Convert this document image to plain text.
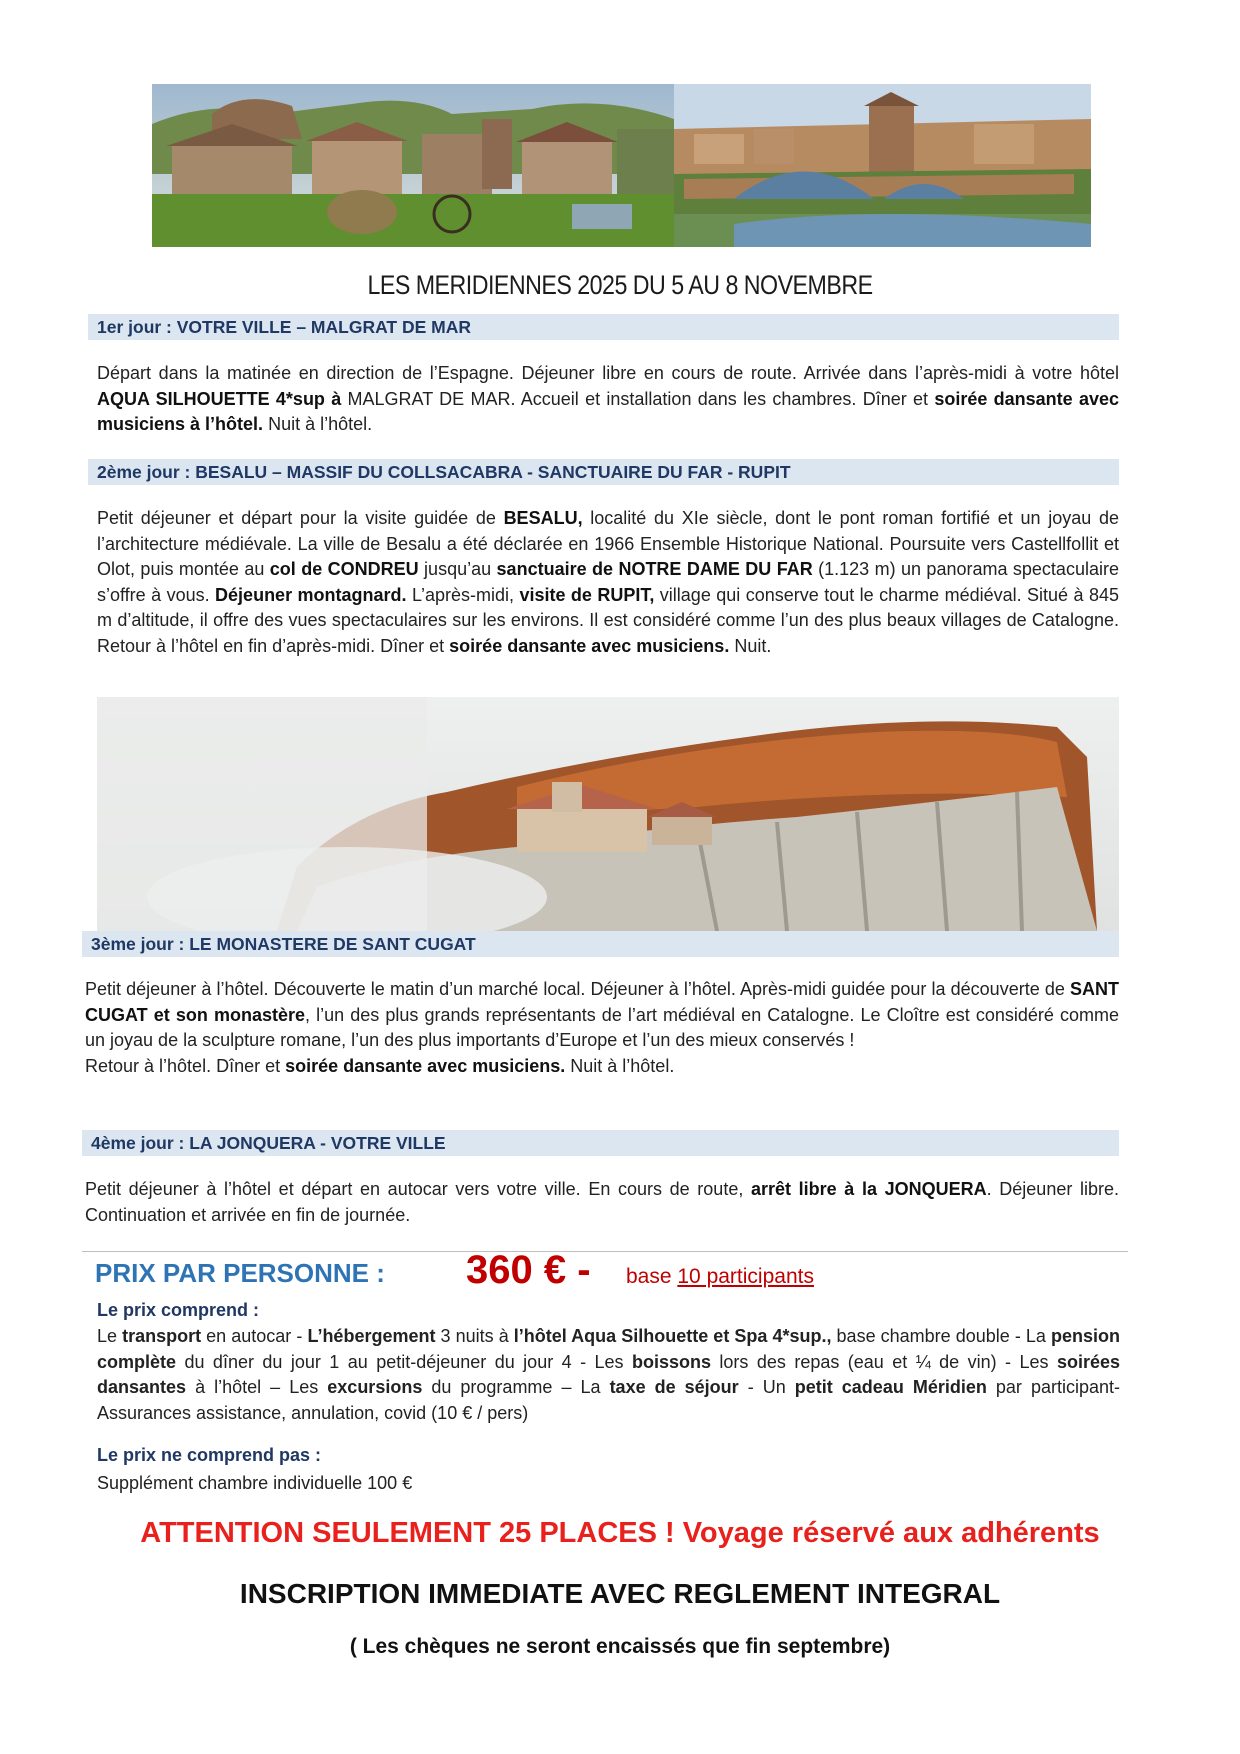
LES MERIDIENNES 2025 DU 5 AU 8 NOVEMBRE
1er jour : VOTRE VILLE – MALGRAT DE MAR
Départ dans la matinée en direction de l’Espagne. Déjeuner libre en cours de route. Arrivée dans l’après-midi à votre hôtel AQUA SILHOUETTE 4*sup à MALGRAT DE MAR. Accueil et installation dans les chambres. Dîner et soirée dansante avec musiciens à l’hôtel. Nuit à l’hôtel.
2ème jour : BESALU – MASSIF DU COLLSACABRA - SANCTUAIRE DU FAR - RUPIT
Petit déjeuner et départ pour la visite guidée de BESALU, localité du XIe siècle, dont le pont roman fortifié et un joyau de l’architecture médiévale. La ville de Besalu a été déclarée en 1966 Ensemble Historique National. Poursuite vers Castellfollit et Olot, puis montée au col de CONDREU jusqu’au sanctuaire de NOTRE DAME DU FAR (1.123 m) un panorama spectaculaire s’offre à vous. Déjeuner montagnard. L’après-midi, visite de RUPIT, village qui conserve tout le charme médiéval. Situé à 845 m d’altitude, il offre des vues spectaculaires sur les environs. Il est considéré comme l’un des plus beaux villages de Catalogne. Retour à l’hôtel en fin d’après-midi. Dîner et soirée dansante avec musiciens. Nuit.
3ème jour : LE MONASTERE DE SANT CUGAT
Petit déjeuner à l’hôtel. Découverte le matin d’un marché local. Déjeuner à l’hôtel. Après-midi guidée pour la découverte de SANT CUGAT et son monastère, l’un des plus grands représentants de l’art médiéval en Catalogne. Le Cloître est considéré comme un joyau de la sculpture romane, l’un des plus importants d’Europe et l’un des mieux conservés !
Retour à l’hôtel. Dîner et soirée dansante avec musiciens. Nuit à l’hôtel.
4ème jour : LA JONQUERA - VOTRE VILLE
Petit déjeuner à l’hôtel et départ en autocar vers votre ville. En cours de route, arrêt libre à la JONQUERA. Déjeuner libre. Continuation et arrivée en fin de journée.
PRIX PAR PERSONNE : 360 € - base 10 participants
Le prix comprend :
Le transport en autocar - L’hébergement 3 nuits à l’hôtel Aqua Silhouette et Spa 4*sup., base chambre double - La pension complète du dîner du jour 1 au petit-déjeuner du jour 4 - Les boissons lors des repas (eau et ¼ de vin) - Les soirées dansantes à l’hôtel – Les excursions du programme – La taxe de séjour - Un petit cadeau Méridien par participant- Assurances assistance, annulation, covid (10 € / pers)
Le prix ne comprend pas :
Supplément chambre individuelle 100 €
ATTENTION SEULEMENT 25 PLACES ! Voyage réservé aux adhérents
INSCRIPTION IMMEDIATE AVEC REGLEMENT INTEGRAL
( Les chèques ne seront encaissés que fin septembre)
